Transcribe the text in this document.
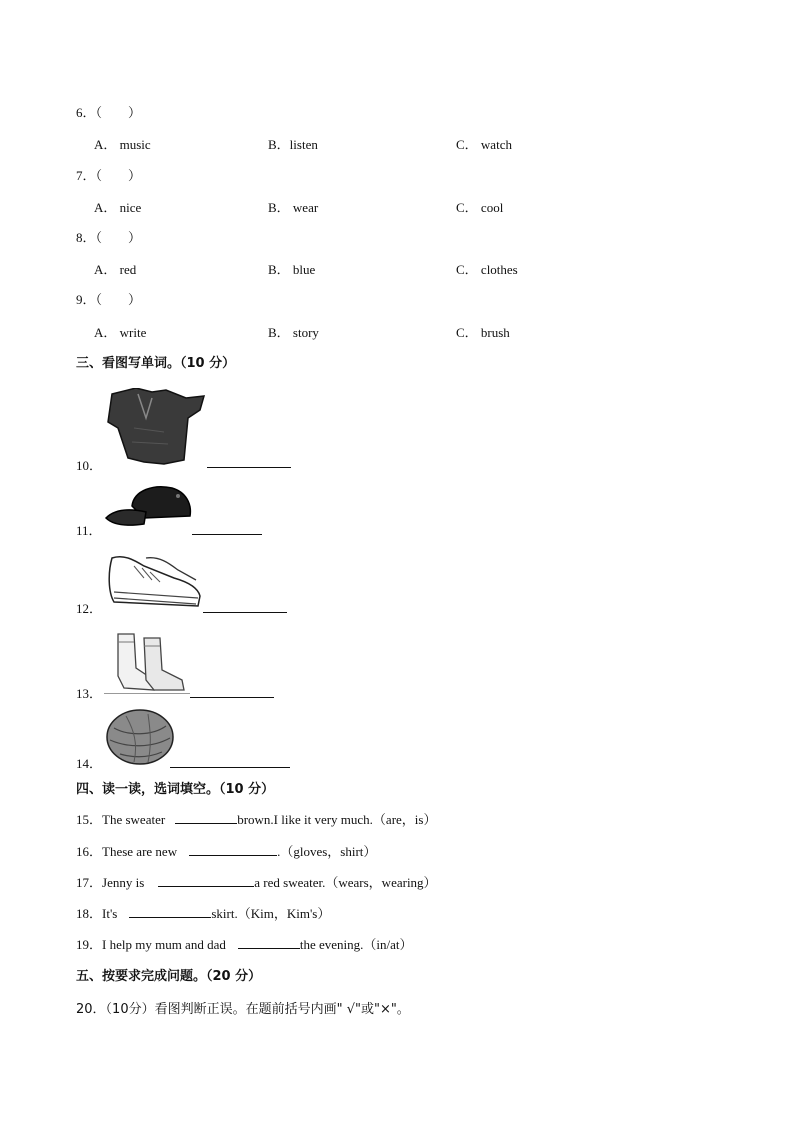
6．（　　）
A． music	B．listen	C． watch
7．（　　）
A． nice	B． wear	C． cool
8．（　　）
A． red	B． blue	C． clothes
9．（　　）
A． write	B． story	C． brush
三、看图写单词。（10 分）
10．
11．
12．
13．
14．
四、读一读，选词填空。（10 分）
15．The sweater	brown.I like it very much.（are，is）
16．These are new	.（gloves，shirt）
17．Jenny is	a red sweater.（wears，wearing）
18．It's	skirt.（Kim，Kim's）
19．I help my mum and dad	the evening.（in/at）
五、按要求完成问题。（20 分）
20．（10分）看图判断正误。在题前括号内画" √"或"×"。
